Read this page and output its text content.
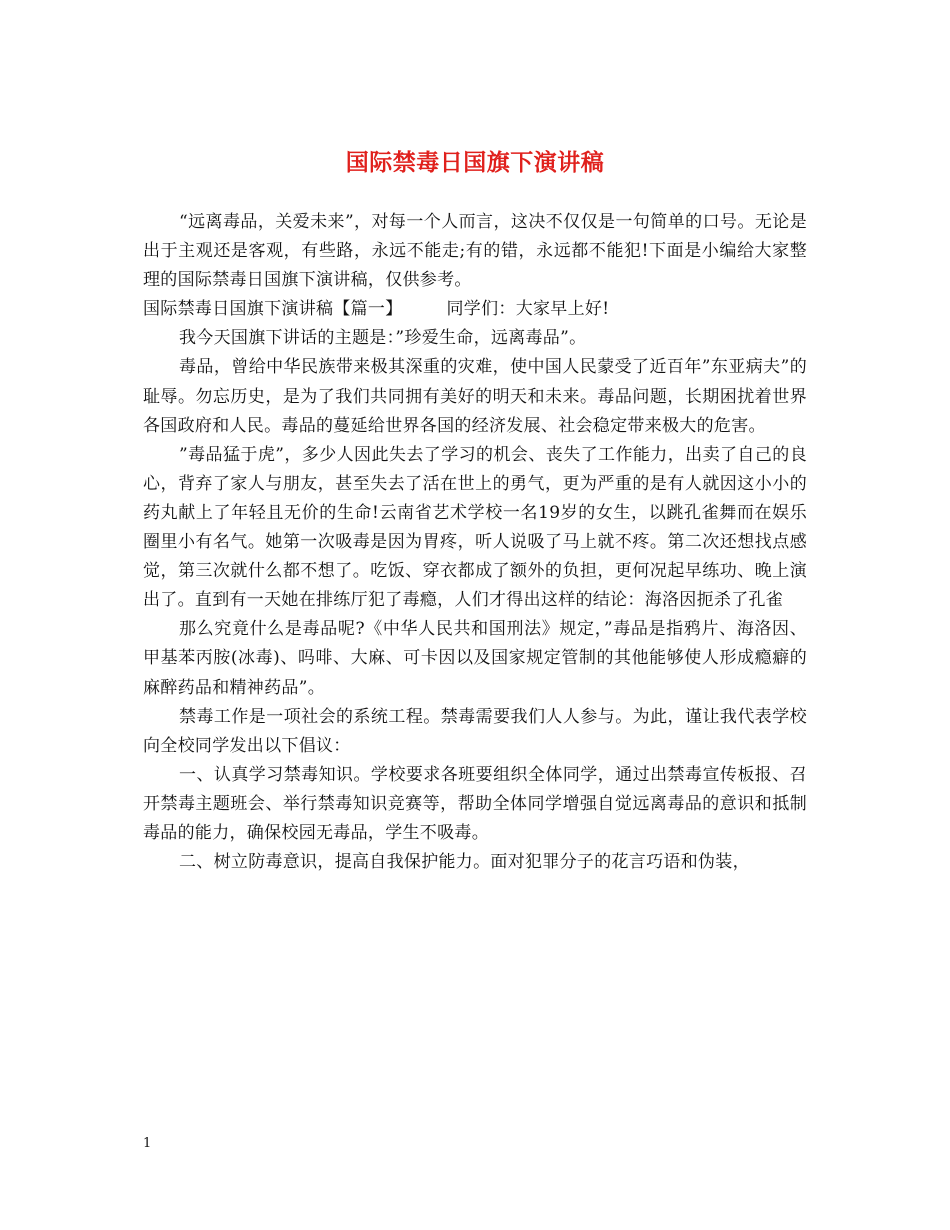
国际禁毒日国旗下演讲稿

“远离毒品，关爱未来”，对每一个人而言，这决不仅仅是一句简单的口号。无论是出于主观还是客观，有些路，永远不能走;有的错，永远都不能犯!下面是小编给大家整理的国际禁毒日国旗下演讲稿，仅供参考。

国际禁毒日国旗下演讲稿【篇一】	同学们：大家早上好!

我今天国旗下讲话的主题是：”珍爱生命，远离毒品”。

毒品，曾给中华民族带来极其深重的灾难，使中国人民蒙受了近百年”东亚病夫”的耻辱。勿忘历史，是为了我们共同拥有美好的明天和未来。毒品问题，长期困扰着世界各国政府和人民。毒品的蔓延给世界各国的经济发展、社会稳定带来极大的危害。

”毒品猛于虎”，多少人因此失去了学习的机会、丧失了工作能力，出卖了自己的良心，背弃了家人与朋友，甚至失去了活在世上的勇气，更为严重的是有人就因这小小的药丸献上了年轻且无价的生命!云南省艺术学校一名19岁的女生，以跳孔雀舞而在娱乐圈里小有名气。她第一次吸毒是因为胃疼，听人说吸了马上就不疼。第二次还想找点感觉，第三次就什么都不想了。吃饭、穿衣都成了额外的负担，更何况起早练功、晚上演出了。直到有一天她在排练厅犯了毒瘾，人们才得出这样的结论：海洛因扼杀了孔雀

那么究竟什么是毒品呢?《中华人民共和国刑法》规定，”毒品是指鸦片、海洛因、甲基苯丙胺(冰毒)、吗啡、大麻、可卡因以及国家规定管制的其他能够使人形成瘾癖的麻醉药品和精神药品”。

禁毒工作是一项社会的系统工程。禁毒需要我们人人参与。为此，谨让我代表学校向全校同学发出以下倡议：

一、认真学习禁毒知识。学校要求各班要组织全体同学，通过出禁毒宣传板报、召开禁毒主题班会、举行禁毒知识竞赛等，帮助全体同学增强自觉远离毒品的意识和抵制毒品的能力，确保校园无毒品，学生不吸毒。

二、树立防毒意识，提高自我保护能力。面对犯罪分子的花言巧语和伪装，

1
